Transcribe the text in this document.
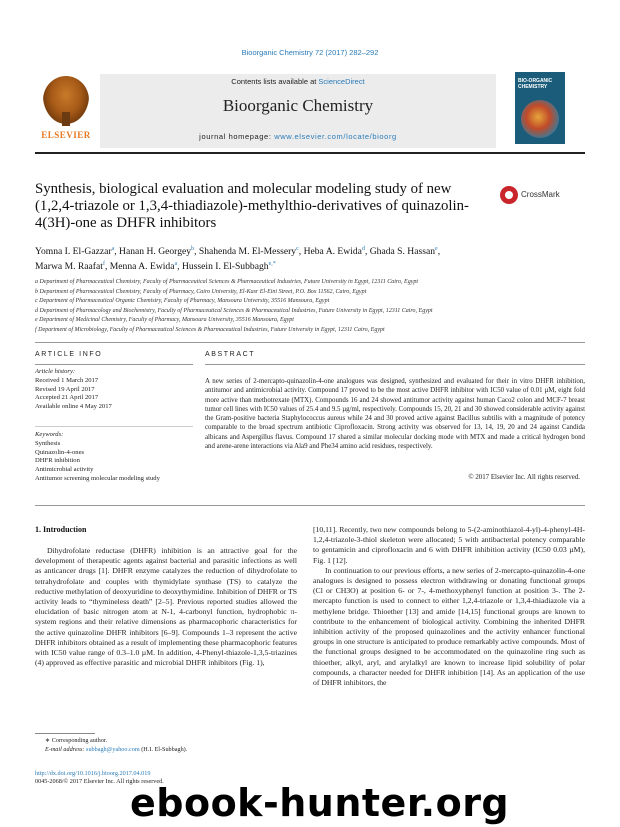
Bioorganic Chemistry 72 (2017) 282–292
ELSEVIER
Contents lists available at ScienceDirect
Bioorganic Chemistry
journal homepage: www.elsevier.com/locate/bioorg
BIO-ORGANIC CHEMISTRY
Synthesis, biological evaluation and molecular modeling study of new (1,2,4-triazole or 1,3,4-thiadiazole)-methylthio-derivatives of quinazolin-4(3H)-one as DHFR inhibitors
CrossMark
Yomna I. El-Gazzar$^a$, Hanan H. Georgey$^b$, Shahenda M. El-Messery$^c$, Heba A. Ewida$^d$, Ghada S. Hassan$^e$,
Marwa M. Raafat$^f$, Menna A. Ewida$^a$, Hussein I. El-Subbagh$^{e,*}$
a Department of Pharmaceutical Chemistry, Faculty of Pharmaceutical Sciences & Pharmaceutical Industries, Future University in Egypt, 12311 Cairo, Egypt
b Department of Pharmaceutical Chemistry, Faculty of Pharmacy, Cairo University, El-Kasr El-Eini Street, P.O. Box 11562, Cairo, Egypt
c Department of Pharmaceutical Organic Chemistry, Faculty of Pharmacy, Mansoura University, 35516 Mansoura, Egypt
d Department of Pharmacology and Biochemistry, Faculty of Pharmaceutical Sciences & Pharmaceutical Industries, Future University in Egypt, 12311 Cairo, Egypt
e Department of Medicinal Chemistry, Faculty of Pharmacy, Mansoura University, 35516 Mansoura, Egypt
f Department of Microbiology, Faculty of Pharmaceutical Sciences & Pharmaceutical Industries, Future University in Egypt, 12311 Cairo, Egypt
ARTICLE INFO	ABSTRACT
Article history:
Received 1 March 2017
Revised 19 April 2017
Accepted 21 April 2017
Available online 4 May 2017
Keywords:
Synthesis
Quinazolin-4-ones
DHFR inhibition
Antimicrobial activity
Antitumor screening molecular modeling study
A new series of 2-mercapto-quinazolin-4-one analogues was designed, synthesized and evaluated for their in vitro DHFR inhibition, antitumor and antimicrobial activity. Compound 17 proved to be the most active DHFR inhibitor with IC50 value of 0.01 µM, eight fold more active than methotrexate (MTX). Compounds 16 and 24 showed antitumor activity against human Caco2 colon and MCF-7 breast tumor cell lines with IC50 values of 25.4 and 9.5 µg/ml, respectively. Compounds 15, 20, 21 and 30 showed considerable activity against the Gram-positive bacteria Staphylococcus aureus while 24 and 30 proved active against Bacillus subtilis with a magnitude of potency comparable to the broad spectrum antibiotic Ciprofloxacin. Strong activity was observed for 13, 14, 19, 20 and 24 against Candida albicans and Aspergillus flavus. Compound 17 shared a similar molecular docking mode with MTX and made a critical hydrogen bond and arene-arene interactions via Ala9 and Phe34 amino acid residues, respectively.
© 2017 Elsevier Inc. All rights reserved.
1. Introduction

Dihydrofolate reductase (DHFR) inhibition is an attractive goal for the development of therapeutic agents against bacterial and parasitic infections as well as anticancer drugs [1]. DHFR enzyme catalyzes the reduction of dihydrofolate to tetrahydrofolate and couples with thymidylate synthase (TS) to catalyze the reductive methylation of deoxyuridine to deoxythymidine. Inhibition of DHFR or TS activity leads to “thymineless death” [2–5]. Previous reported studies allowed the elucidation of basic nitrogen atom at N-1, 4-carbonyl function, hydrophobic π-system regions and their relative dimensions as pharmacophoric characteristics for the active quinazoline DHFR inhibitors [6–9]. Compounds 1–3 represent the active DHFR inhibitors obtained as a result of implementing these pharmacophoric features with IC50 value range of 0.3–1.0 µM. In addition, 4-Phenyl-thiazole-1,3,5-triazines (4) approved as effective parasitic and microbial DHFR inhibitors (Fig. 1),

[10,11]. Recently, two new compounds belong to 5-(2-aminothiazol-4-yl)-4-phenyl-4H-1,2,4-triazole-3-thiol skeleton were allocated; 5 with antibacterial potency comparable to gentamicin and ciprofloxacin and 6 with DHFR inhibition activity (IC50 0.03 µM), Fig. 1 [12].

In continuation to our previous efforts, a new series of 2-mercapto-quinazolin-4-one analogues is designed to possess electron withdrawing or donating functional groups (Cl or CH3O) at position 6- or 7-, 4-methoxyphenyl function at position 3-. The 2-mercapto function is used to connect to either 1,2,4-triazole or 1,3,4-thiadiazole via a methylene bridge. Thioether [13] and amide [14,15] functional groups are known to contribute to the enhancement of biological activity. Combining the inherited DHFR inhibition activity of the proposed quinazolines and the activity enhancer functional groups in one structure is anticipated to produce remarkably active compounds. Most of the functional groups designed to be accommodated on the quinazoline ring such as thioether, alkyl, aryl, and arylalkyl are known to increase lipid solubility of polar compounds, a character needed for DHFR inhibition [14]. As an application of the use of DHFR inhibitors, the

∗ Corresponding author.
E-mail address: subbagh@yahoo.com (H.I. El-Subbagh).
http://dx.doi.org/10.1016/j.bioorg.2017.04.019
0045-2068/© 2017 Elsevier Inc. All rights reserved.
ebook-hunter.org
